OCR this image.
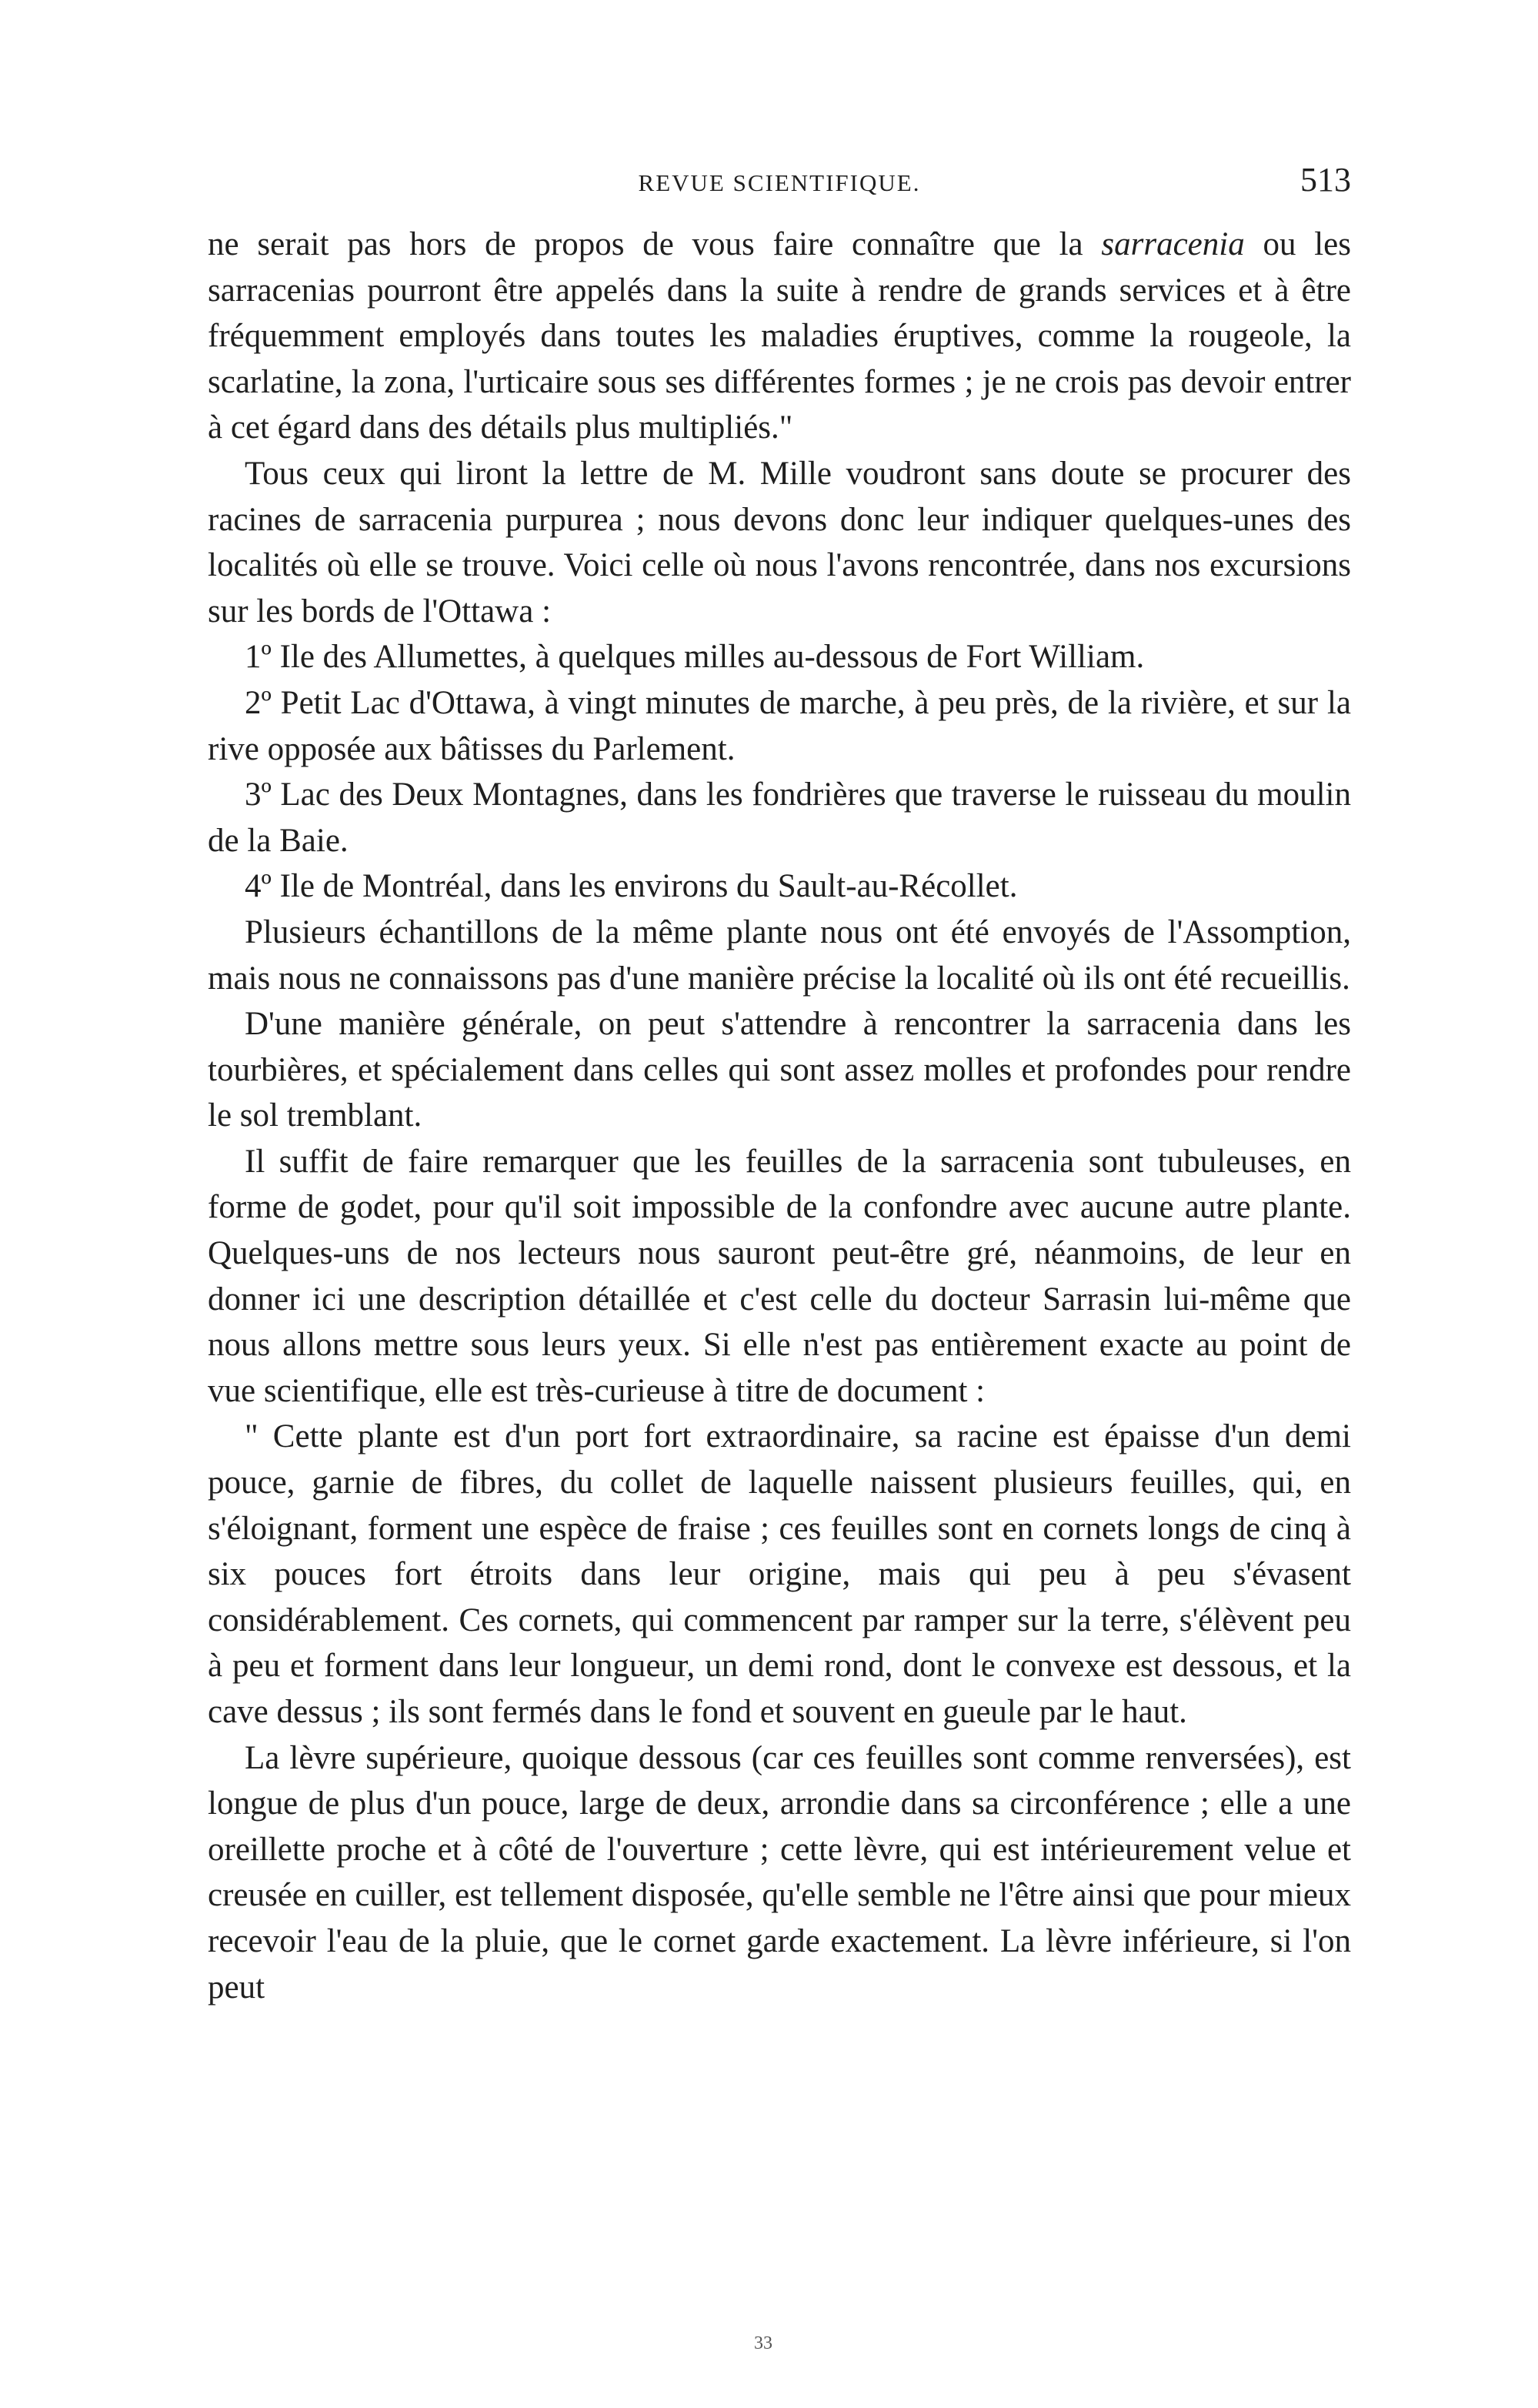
REVUE SCIENTIFIQUE.	513

ne serait pas hors de propos de vous faire connaître que la sarracenia ou les sarracenias pourront être appelés dans la suite à rendre de grands services et à être fréquemment employés dans toutes les maladies éruptives, comme la rougeole, la scarlatine, la zona, l'urticaire sous ses différentes formes ; je ne crois pas devoir entrer à cet égard dans des détails plus multipliés."

Tous ceux qui liront la lettre de M. Mille voudront sans doute se procurer des racines de sarracenia purpurea ; nous devons donc leur indiquer quelques-unes des localités où elle se trouve. Voici celle où nous l'avons rencontrée, dans nos excursions sur les bords de l'Ottawa :

1º Ile des Allumettes, à quelques milles au-dessous de Fort William.

2º Petit Lac d'Ottawa, à vingt minutes de marche, à peu près, de la rivière, et sur la rive opposée aux bâtisses du Parlement.

3º Lac des Deux Montagnes, dans les fondrières que traverse le ruisseau du moulin de la Baie.

4º Ile de Montréal, dans les environs du Sault-au-Récollet.

Plusieurs échantillons de la même plante nous ont été envoyés de l'Assomption, mais nous ne connaissons pas d'une manière précise la localité où ils ont été recueillis.

D'une manière générale, on peut s'attendre à rencontrer la sarracenia dans les tourbières, et spécialement dans celles qui sont assez molles et profondes pour rendre le sol tremblant.

Il suffit de faire remarquer que les feuilles de la sarracenia sont tubuleuses, en forme de godet, pour qu'il soit impossible de la confondre avec aucune autre plante. Quelques-uns de nos lecteurs nous sauront peut-être gré, néanmoins, de leur en donner ici une description détaillée et c'est celle du docteur Sarrasin lui-même que nous allons mettre sous leurs yeux. Si elle n'est pas entièrement exacte au point de vue scientifique, elle est très-curieuse à titre de document :

" Cette plante est d'un port fort extraordinaire, sa racine est épaisse d'un demi pouce, garnie de fibres, du collet de laquelle naissent plusieurs feuilles, qui, en s'éloignant, forment une espèce de fraise ; ces feuilles sont en cornets longs de cinq à six pouces fort étroits dans leur origine, mais qui peu à peu s'évasent considérablement. Ces cornets, qui commencent par ramper sur la terre, s'élèvent peu à peu et forment dans leur longueur, un demi rond, dont le convexe est dessous, et la cave dessus ; ils sont fermés dans le fond et souvent en gueule par le haut.

La lèvre supérieure, quoique dessous (car ces feuilles sont comme renversées), est longue de plus d'un pouce, large de deux, arrondie dans sa circonférence ; elle a une oreillette proche et à côté de l'ouverture ; cette lèvre, qui est intérieurement velue et creusée en cuiller, est tellement disposée, qu'elle semble ne l'être ainsi que pour mieux recevoir l'eau de la pluie, que le cornet garde exactement. La lèvre inférieure, si l'on peut

33
